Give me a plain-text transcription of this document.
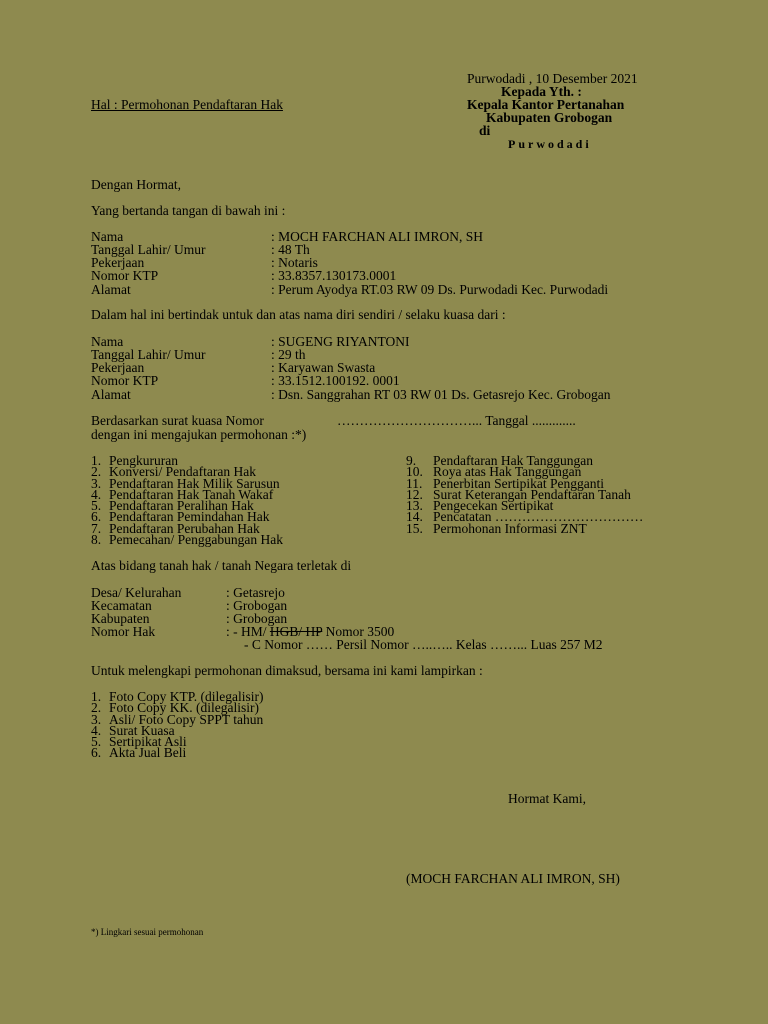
Purwodadi , 10 Desember 2021
Hal : Permohonan Pendaftaran Hak
Kepada Yth. :
Kepala Kantor Pertanahan
Kabupaten Grobogan
di
Purwodadi
Dengan Hormat,
Yang bertanda tangan di bawah ini :
Nama	: MOCH FARCHAN ALI IMRON, SH
Tanggal Lahir/ Umur	: 48 Th
Pekerjaan	: Notaris
Nomor KTP	: 33.8357.130173.0001
Alamat	: Perum Ayodya RT.03 RW 09 Ds. Purwodadi Kec. Purwodadi
Dalam hal ini bertindak untuk dan atas nama diri sendiri / selaku kuasa dari :
Nama	: SUGENG RIYANTONI
Tanggal Lahir/ Umur	: 29 th
Pekerjaan	: Karyawan Swasta
Nomor KTP	: 33.1512.100192. 0001
Alamat	: Dsn. Sanggrahan RT 03 RW 01 Ds. Getasrejo Kec. Grobogan
Berdasarkan surat kuasa Nomor	…………………………... Tanggal .............
dengan ini mengajukan permohonan :*)
1. Pengkururan
2. Konversi/ Pendaftaran Hak
3. Pendaftaran Hak Milik Sarusun
4. Pendaftaran Hak Tanah Wakaf
5. Pendaftaran Peralihan Hak
6. Pendaftaran Pemindahan Hak
7. Pendaftaran Perubahan Hak
8. Pemecahan/ Penggabungan Hak
9. Pendaftaran Hak Tanggungan
10. Roya atas Hak Tanggungan
11. Penerbitan Sertipikat Pengganti
12. Surat Keterangan Pendaftaran Tanah
13. Pengecekan Sertipikat
14. Pencatatan ……………………………
15. Permohonan Informasi ZNT
Atas bidang tanah hak / tanah Negara terletak di
Desa/ Kelurahan	: Getasrejo
Kecamatan	: Grobogan
Kabupaten	: Grobogan
Nomor Hak	: - HM/ HGB/ HP Nomor 3500
- C Nomor …… Persil Nomor …..….. Kelas ……... Luas 257 M2
Untuk melengkapi permohonan dimaksud, bersama ini kami lampirkan :
1. Foto Copy KTP. (dilegalisir)
2. Foto Copy KK. (dilegalisir)
3. Asli/ Foto Copy SPPT tahun
4. Surat Kuasa
5. Sertipikat Asli
6. Akta Jual Beli
Hormat Kami,
(MOCH FARCHAN ALI IMRON, SH)
*) Lingkari sesuai permohonan
